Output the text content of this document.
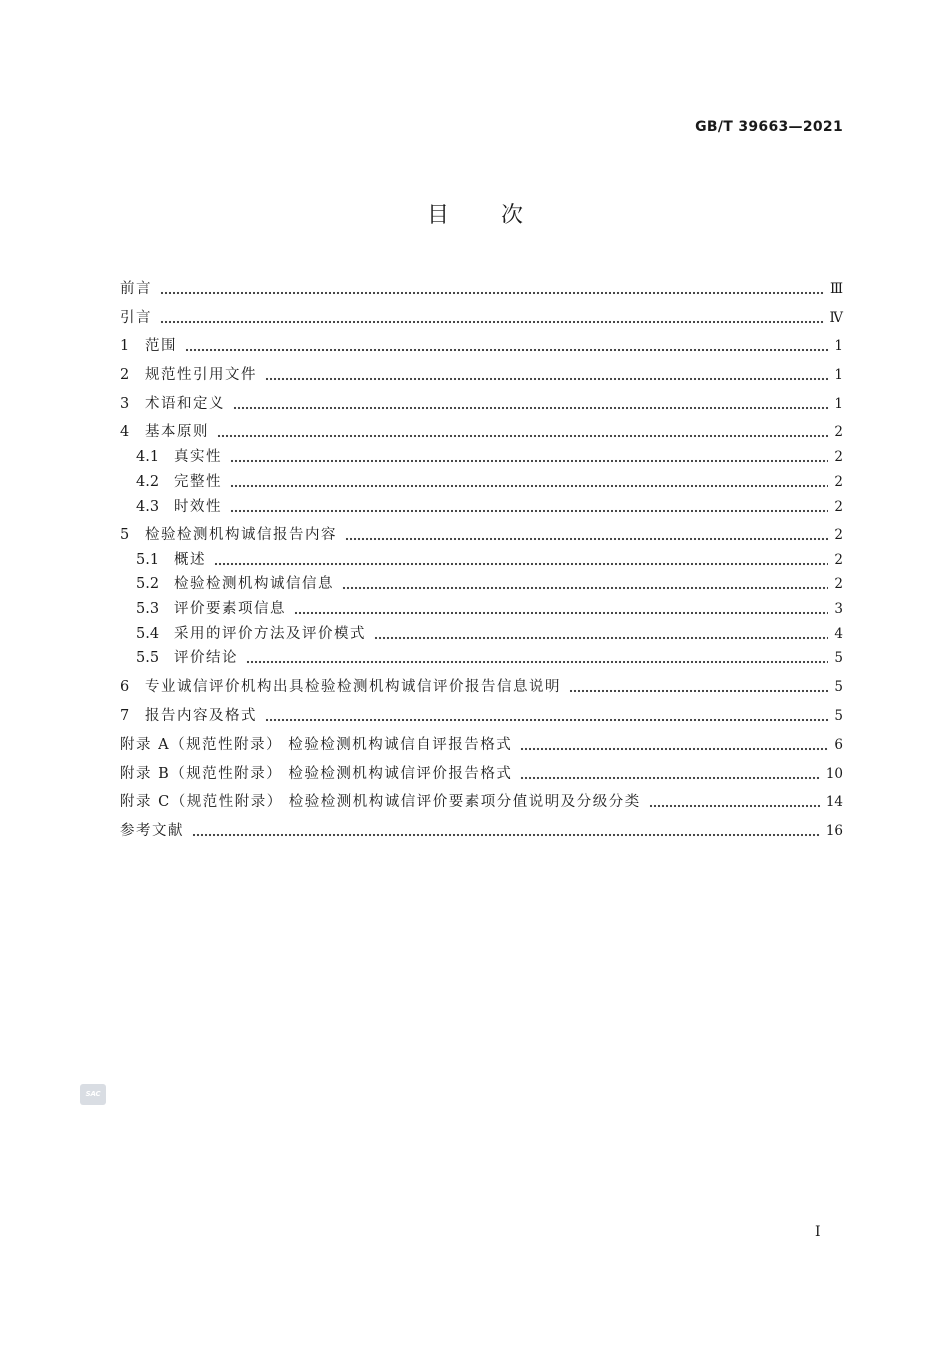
GB/T 39663—2021
目次
前言	Ⅲ
引言	Ⅳ
1	范围	1
2	规范性引用文件	1
3	术语和定义	1
4	基本原则	2
4.1	真实性	2
4.2	完整性	2
4.3	时效性	2
5	检验检测机构诚信报告内容	2
5.1	概述	2
5.2	检验检测机构诚信信息	2
5.3	评价要素项信息	3
5.4	采用的评价方法及评价模式	4
5.5	评价结论	5
6	专业诚信评价机构出具检验检测机构诚信评价报告信息说明	5
7	报告内容及格式	5
附录 A（规范性附录） 检验检测机构诚信自评报告格式	6
附录 B（规范性附录） 检验检测机构诚信评价报告格式	10
附录 C（规范性附录） 检验检测机构诚信评价要素项分值说明及分级分类	14
参考文献	16
SAC
I
